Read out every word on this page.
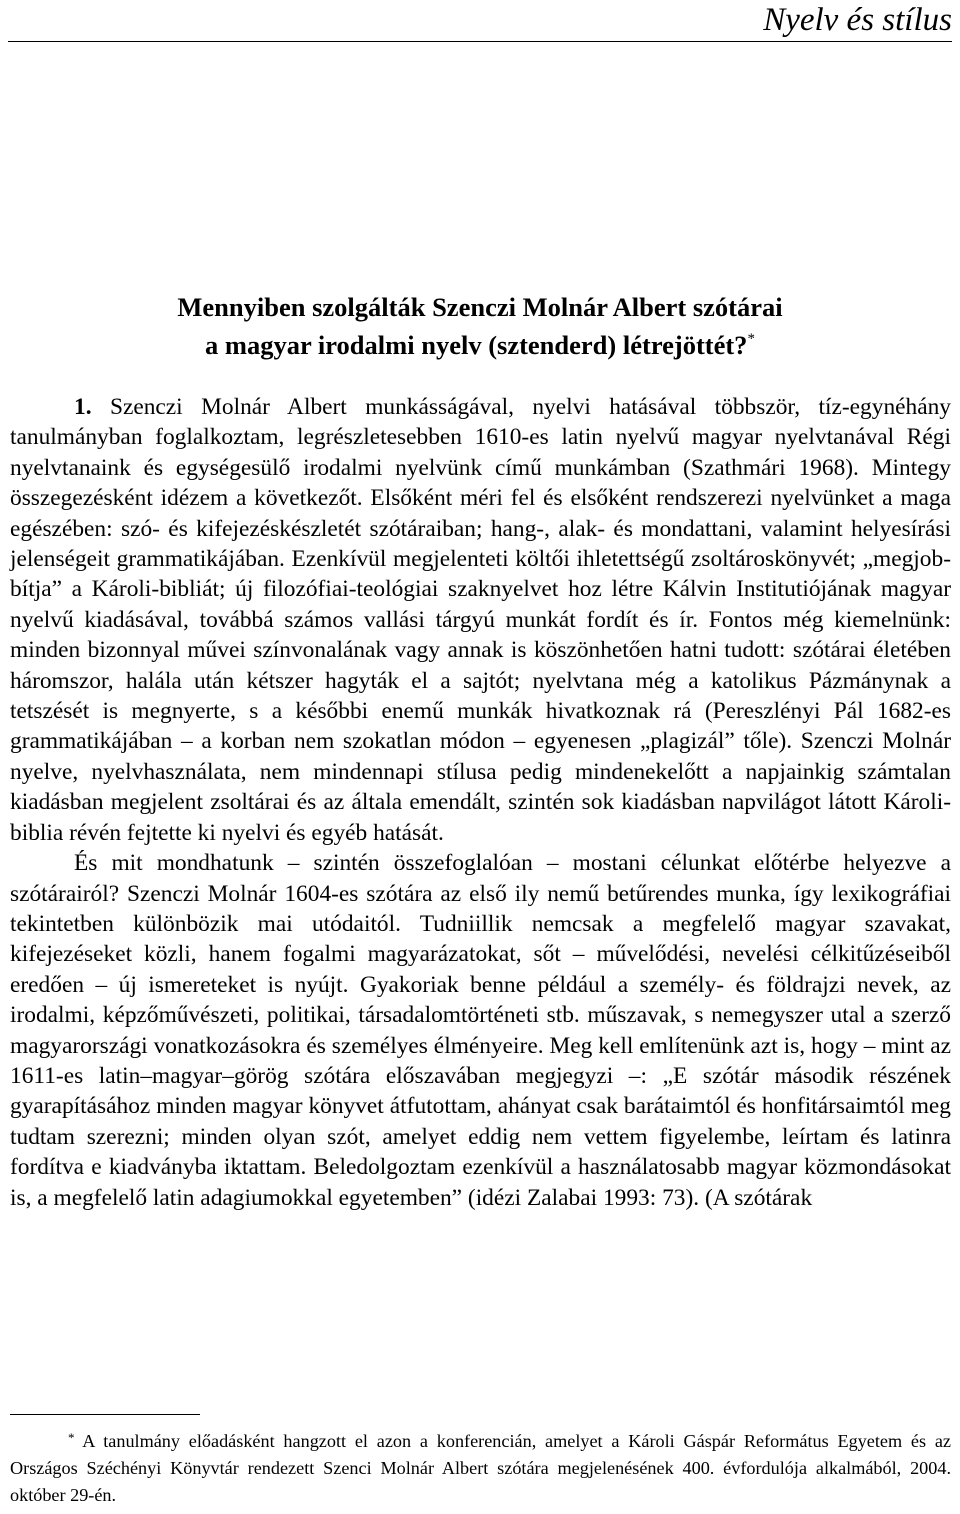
Nyelv és stílus
Mennyiben szolgálták Szenczi Molnár Albert szótárai
a magyar irodalmi nyelv (sztenderd) létrejöttét?*

1. Szenczi Molnár Albert munkásságával, nyelvi hatásával többször, tíz-egynéhány tanulmányban foglalkoztam, legrészletesebben 1610-es latin nyelvű magyar nyelvtanával Régi nyelvtanaink és egységesülő irodalmi nyelvünk című munkámban (Szathmári 1968). Mintegy összegezésként idézem a következőt. Elsőként méri fel és elsőként rendszerezi nyelvünket a maga egészében: szó- és kifejezéskészletét szótáraiban; hang-, alak- és mondattani, valamint helyesírási jelenségeit grammatikájában. Ezenkívül megjelenteti költői ihletettségű zsoltároskönyvét; „megjobbítja” a Károli-bibliát; új filozófiai-teológiai szaknyelvet hoz létre Kálvin Institutiójának magyar nyelvű kiadásával, továbbá számos vallási tárgyú munkát fordít és ír. Fontos még kiemelnünk: minden bizonnyal művei színvonalának vagy annak is köszönhetően hatni tudott: szótárai életében háromszor, halála után kétszer hagyták el a sajtót; nyelvtana még a katolikus Pázmánynak a tetszését is megnyerte, s a későbbi enemű munkák hivatkoznak rá (Pereszlényi Pál 1682-es grammatikájában – a korban nem szokatlan módon – egyenesen „plagizál” tőle). Szenczi Molnár nyelve, nyelvhasználata, nem mindennapi stílusa pedig mindenekelőtt a napjainkig számtalan kiadásban megjelent zsoltárai és az általa emendált, szintén sok kiadásban napvilágot látott Károli-biblia révén fejtette ki nyelvi és egyéb hatását.

És mit mondhatunk – szintén összefoglalóan – mostani célunkat előtérbe helyezve a szótárairól? Szenczi Molnár 1604-es szótára az első ily nemű betűrendes munka, így lexikográfiai tekintetben különbözik mai utódaitól. Tudniillik nemcsak a megfelelő magyar szavakat, kifejezéseket közli, hanem fogalmi magyarázatokat, sőt – művelődési, nevelési célkitűzéseiből eredően – új ismereteket is nyújt. Gyakoriak benne például a személy- és földrajzi nevek, az irodalmi, képzőművészeti, politikai, társadalomtörténeti stb. műszavak, s nemegyszer utal a szerző magyarországi vonatkozásokra és személyes élményeire. Meg kell említenünk azt is, hogy – mint az 1611-es latin–magyar–görög szótára előszavában megjegyzi –: „E szótár második részének gyarapításához minden magyar könyvet átfutottam, ahányat csak barátaimtól és honfitársaimtól meg tudtam szerezni; minden olyan szót, amelyet eddig nem vettem figyelembe, leírtam és latinra fordítva e kiadványba iktattam. Beledolgoztam ezenkívül a használatosabb magyar közmondásokat is, a megfelelő latin adagiumokkal egyetemben” (idézi Zalabai 1993: 73). (A szótárak

* A tanulmány előadásként hangzott el azon a konferencián, amelyet a Károli Gáspár Református Egyetem és az Országos Széchényi Könyvtár rendezett Szenci Molnár Albert szótára megjelenésének 400. évfordulója alkalmából, 2004. október 29-én.
